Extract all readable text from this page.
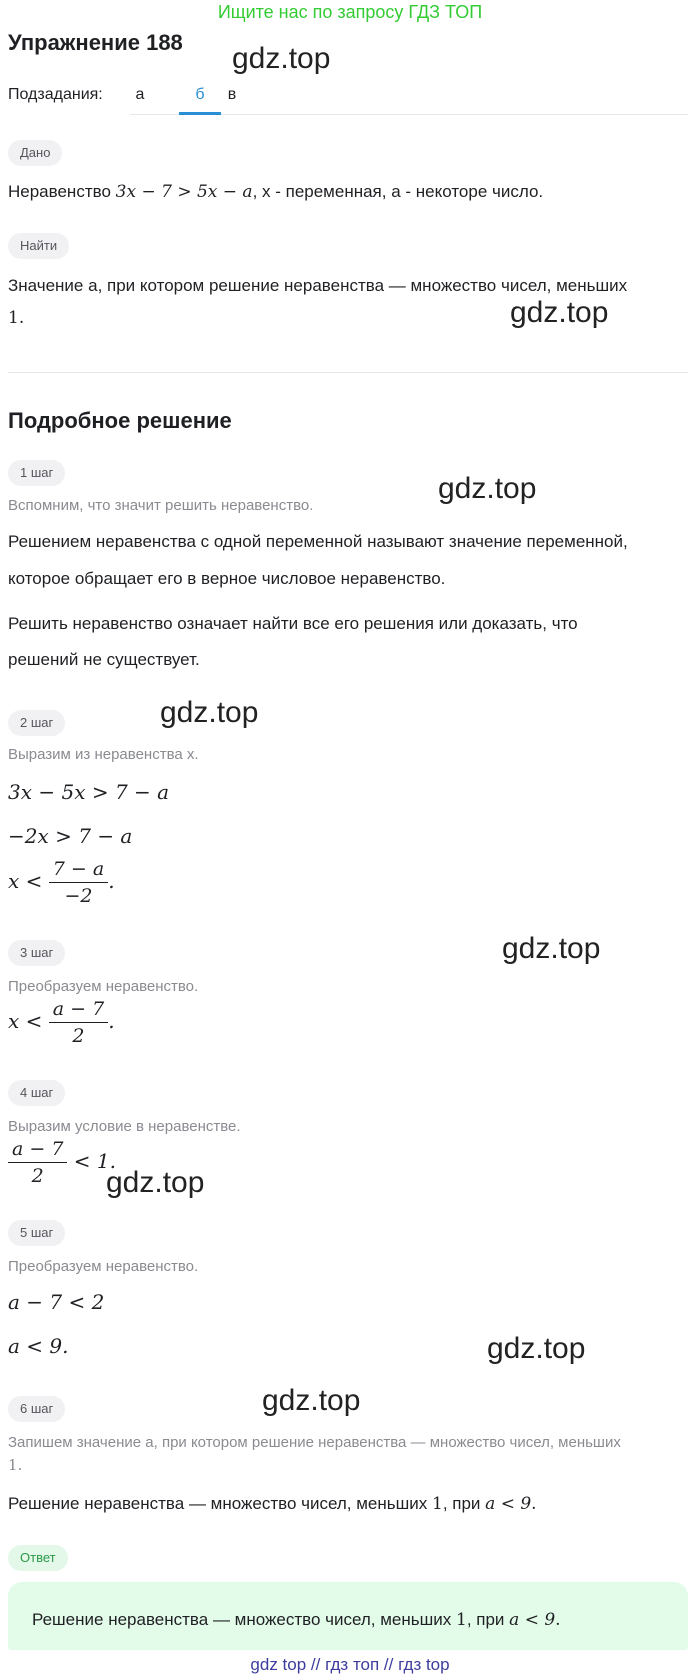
Ищите нас по запросу ГДЗ ТОП
Упражнение 188 gdz.top
Подзадания:	а	б	в
Дано
Неравенство 3x − 7 > 5x − a, x - переменная, а - некоторе число.
Найти
Значение а, при котором решение неравенства — множество чисел, меньших
1.	gdz.top
Подробное решение
1 шаг	gdz.top
Вспомним, что значит решить неравенство.
Решением неравенства с одной переменной называют значение переменной,
которое обращает его в верное числовое неравенство.
Решить неравенство означает найти все его решения или доказать, что
решений не существует.
2 шаг	gdz.top
Выразим из неравенства x.
3x − 5x > 7 − a
−2x > 7 − a
$x < \frac{7 - a}{-2}$ .
3 шаг	gdz.top
Преобразуем неравенство.
$x < \frac{a - 7}{2}$ .
4 шаг
Выразим условие в неравенстве.
$\frac{a - 7}{2} < 1$.
gdz.top
5 шаг
Преобразуем неравенство.
a − 7 < 2
a < 9.	gdz.top
6 шаг	gdz.top
Запишем значение а, при котором решение неравенства — множество чисел, меньших
1.
Решение неравенства — множество чисел, меньших 1, при a < 9.
Ответ
Решение неравенства — множество чисел, меньших 1, при a < 9.
gdz top // гдз топ // гдз top
